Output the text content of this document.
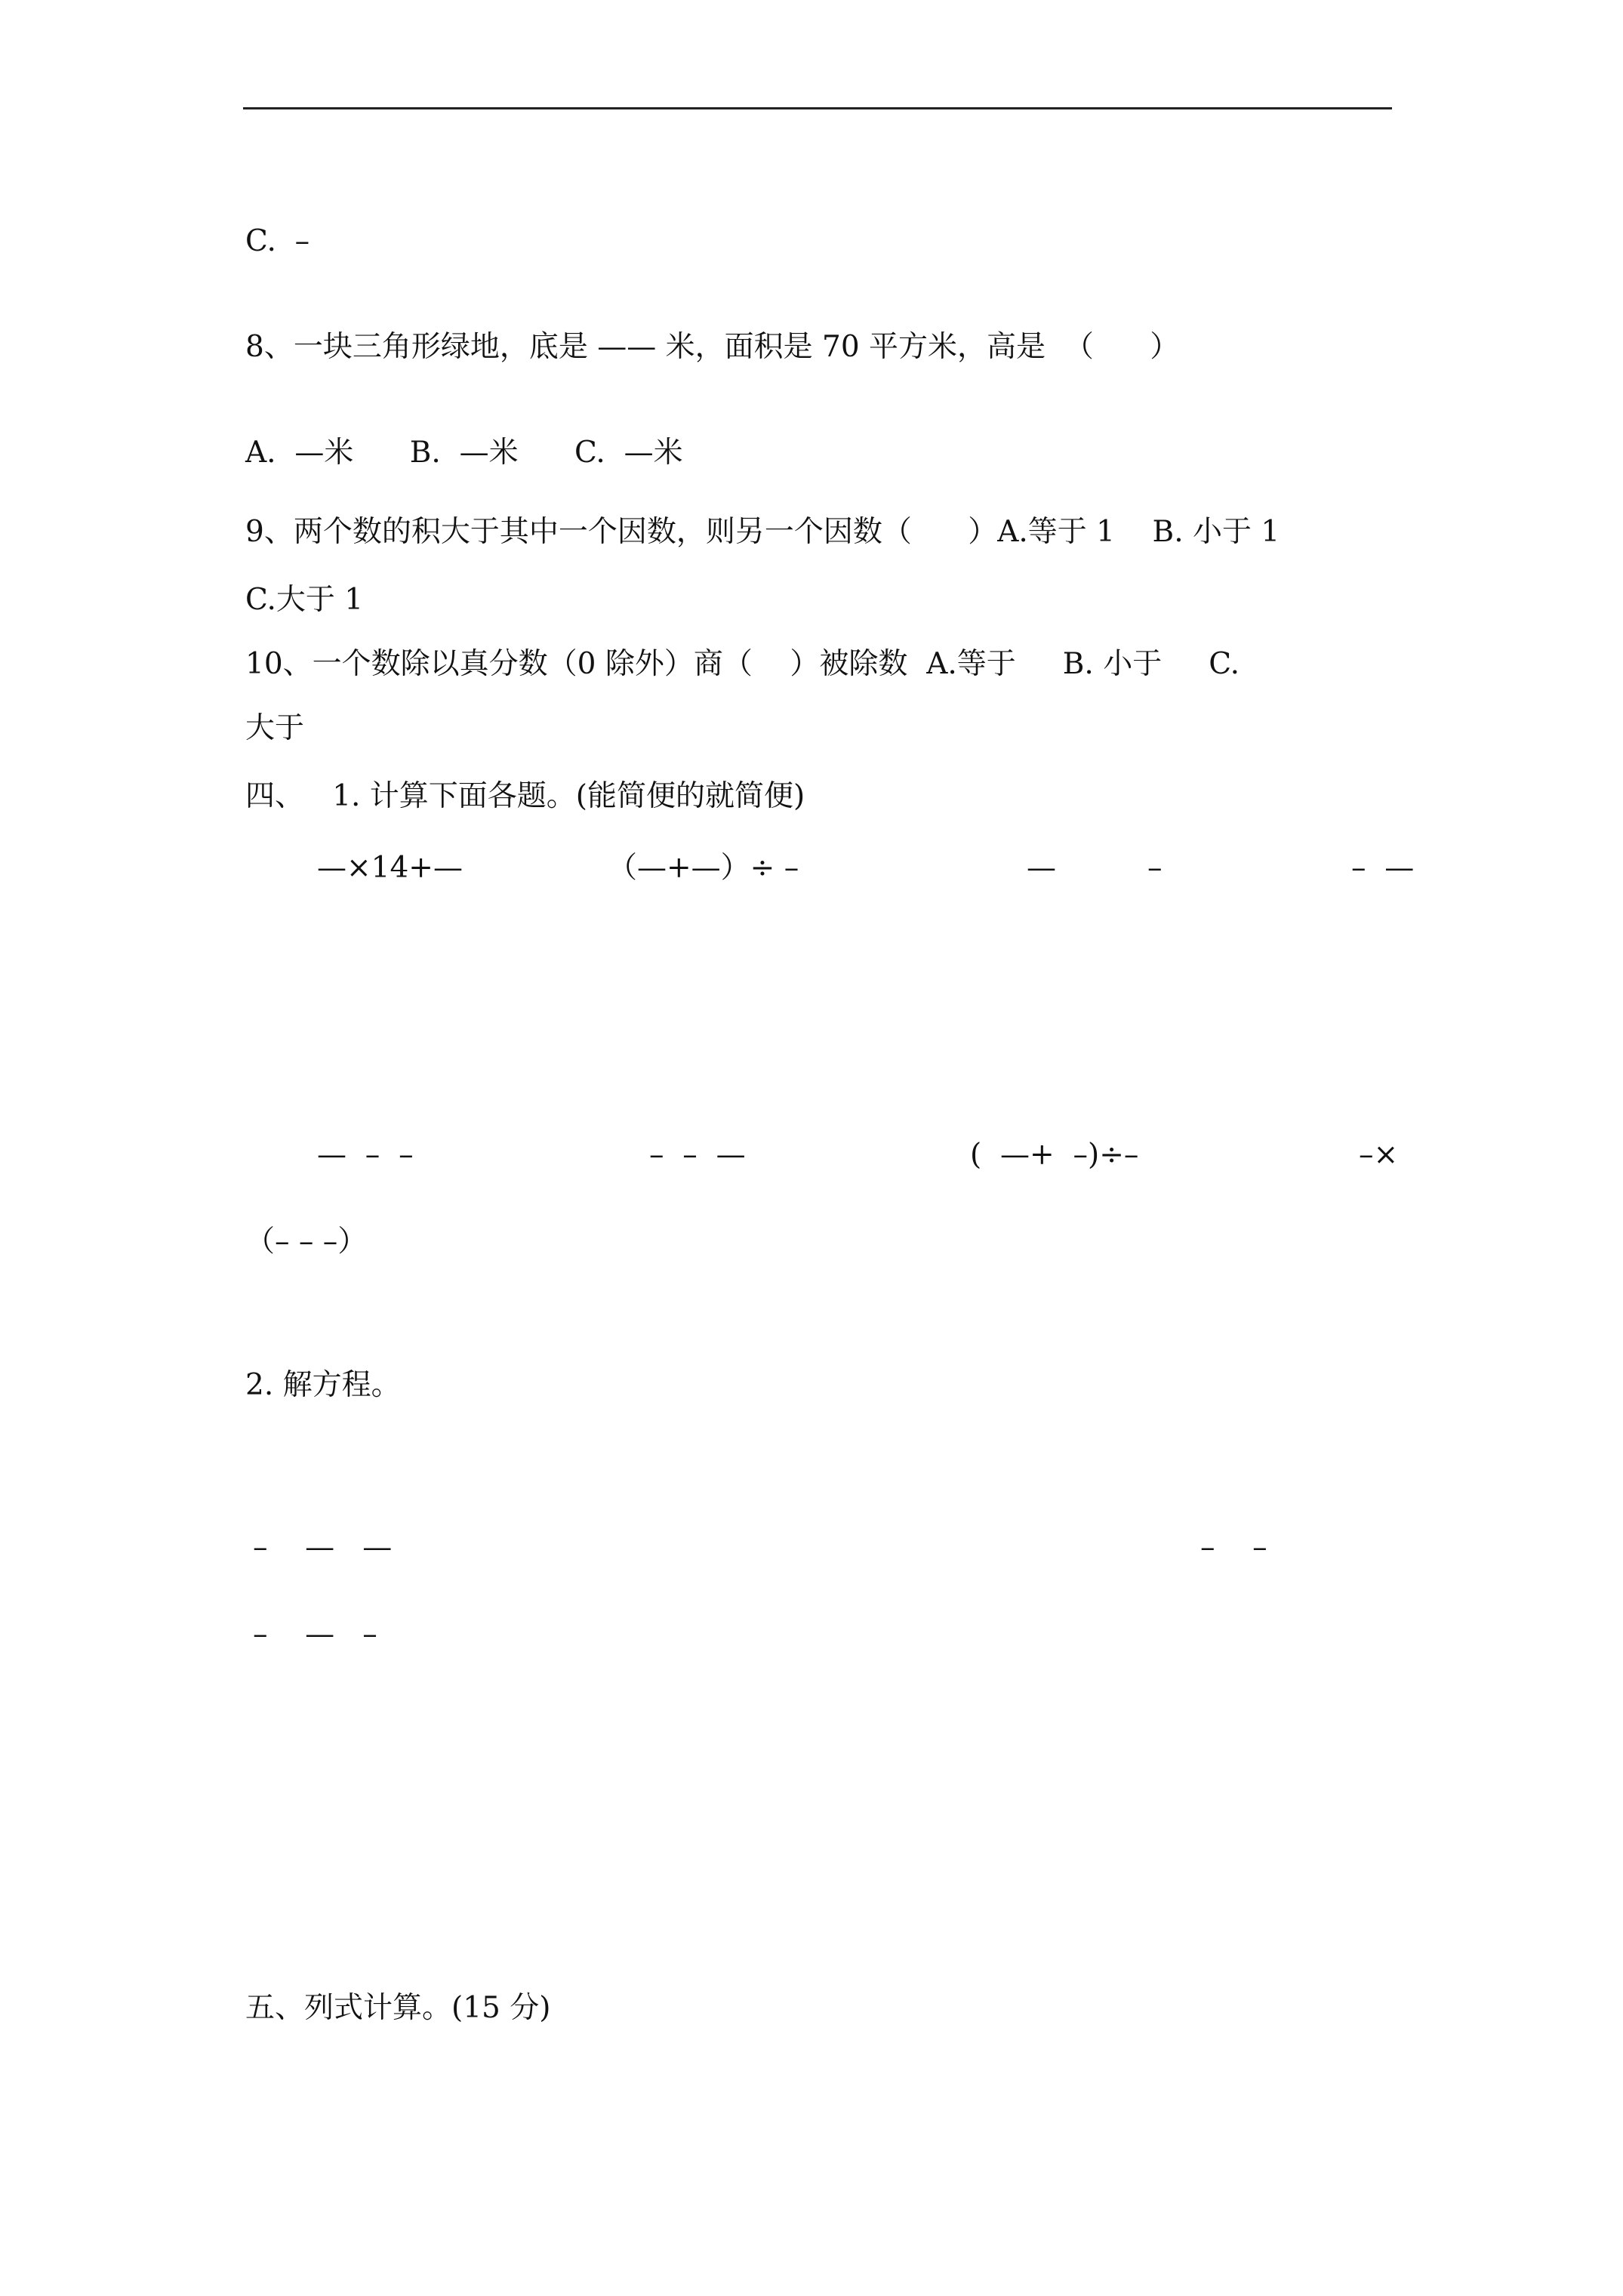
C.  –
8、一块三角形绿地，底是 —— 米，面积是 70 平方米，高是  （      ）
A.  —米      B.  —米      C.  —米
9、两个数的积大于其中一个因数，则另一个因数（      ）A.等于 1    B. 小于 1
C.大于 1
10、一个数除以真分数（0 除外）商（    ）被除数  A.等于     B. 小于     C.
大于
四、   1. 计算下面各题。(能简便的就简便)
—×14+—	（—+—）÷ –	—	–	–  —
—  –  –	–  –  —	(  —+  –)÷–	–×
（– – –）
2. 解方程。
–    —   —	–    –
–    —   –
五、列式计算。(15 分)
